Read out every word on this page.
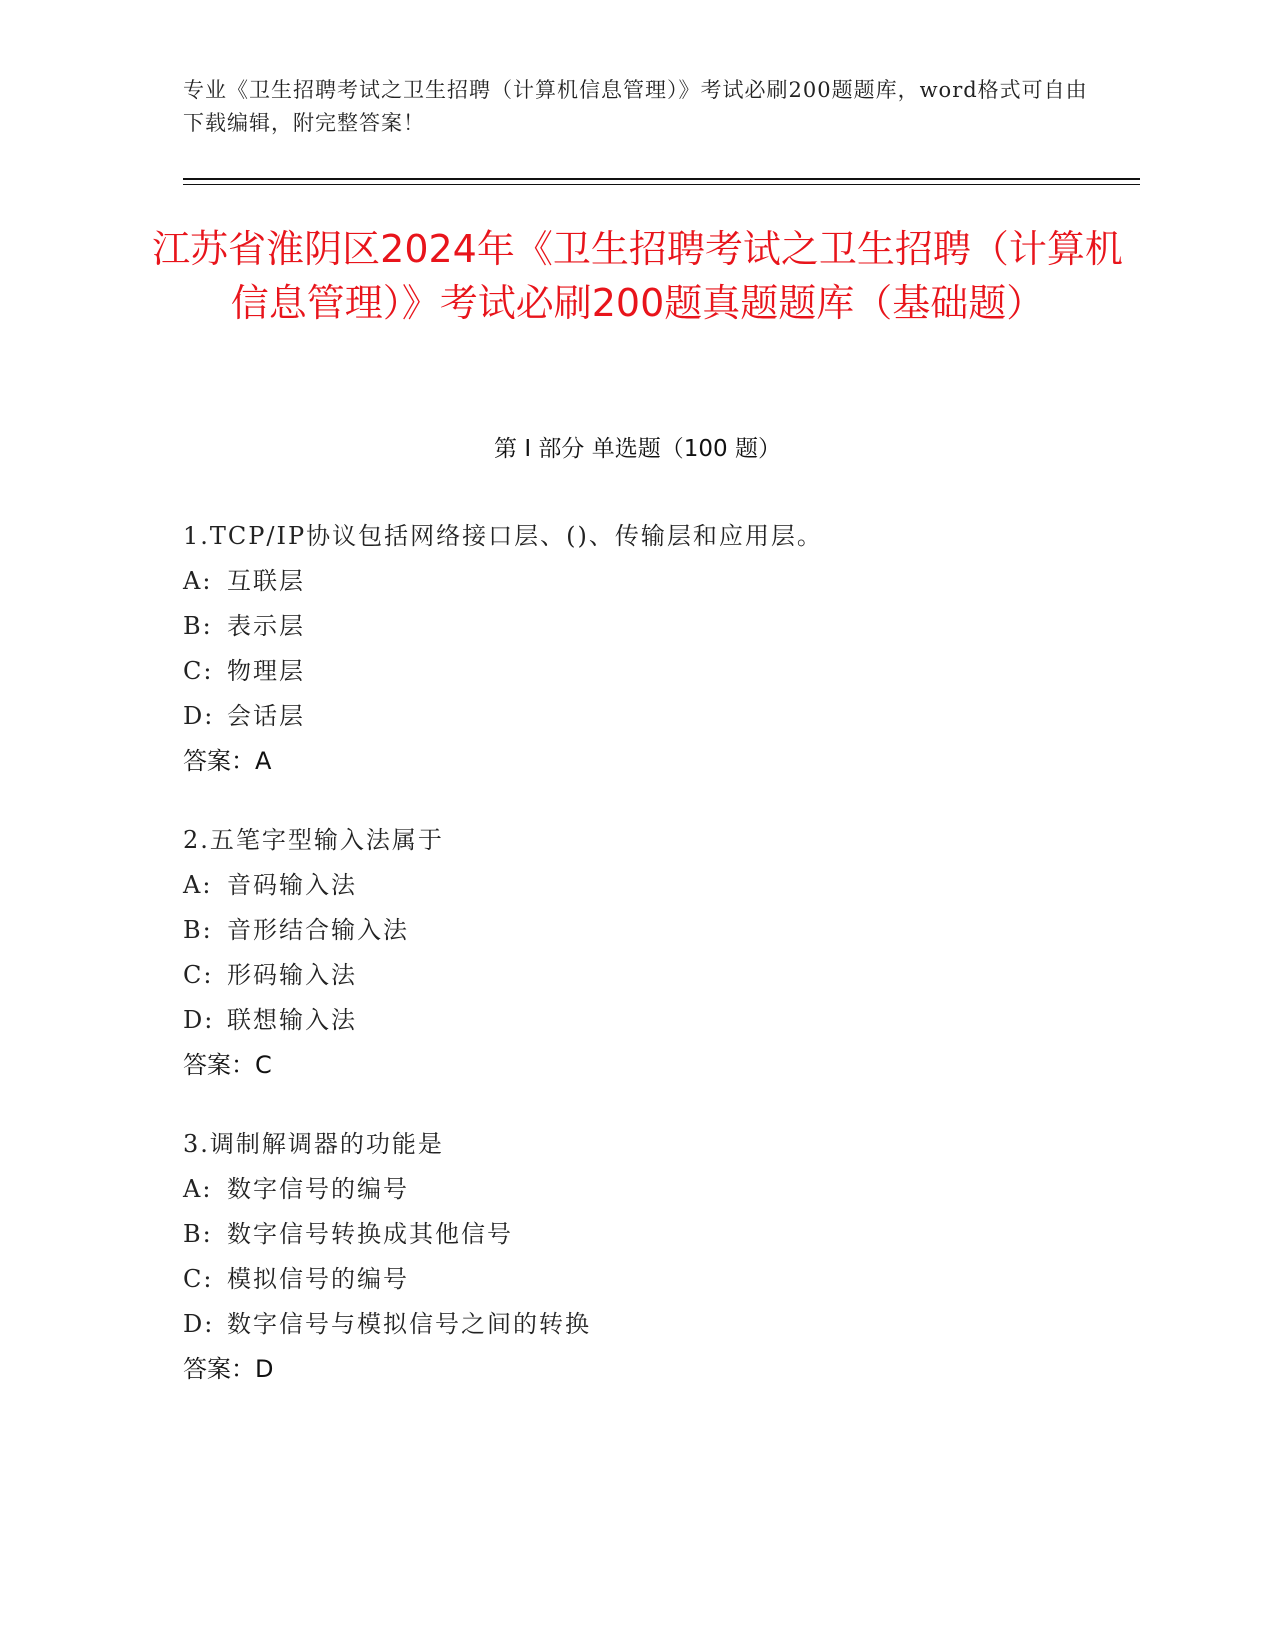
专业《卫生招聘考试之卫生招聘（计算机信息管理）》考试必刷200题题库，word格式可自由下载编辑，附完整答案！
江苏省淮阴区2024年《卫生招聘考试之卫生招聘（计算机信息管理）》考试必刷200题真题题库（基础题）
第 I 部分 单选题（100 题）
1.TCP/IP协议包括网络接口层、()、传输层和应用层。
A: 互联层
B: 表示层
C: 物理层
D: 会话层
答案：A
2.五笔字型输入法属于
A: 音码输入法
B: 音形结合输入法
C: 形码输入法
D: 联想输入法
答案：C
3.调制解调器的功能是
A: 数字信号的编号
B: 数字信号转换成其他信号
C: 模拟信号的编号
D: 数字信号与模拟信号之间的转换
答案：D
